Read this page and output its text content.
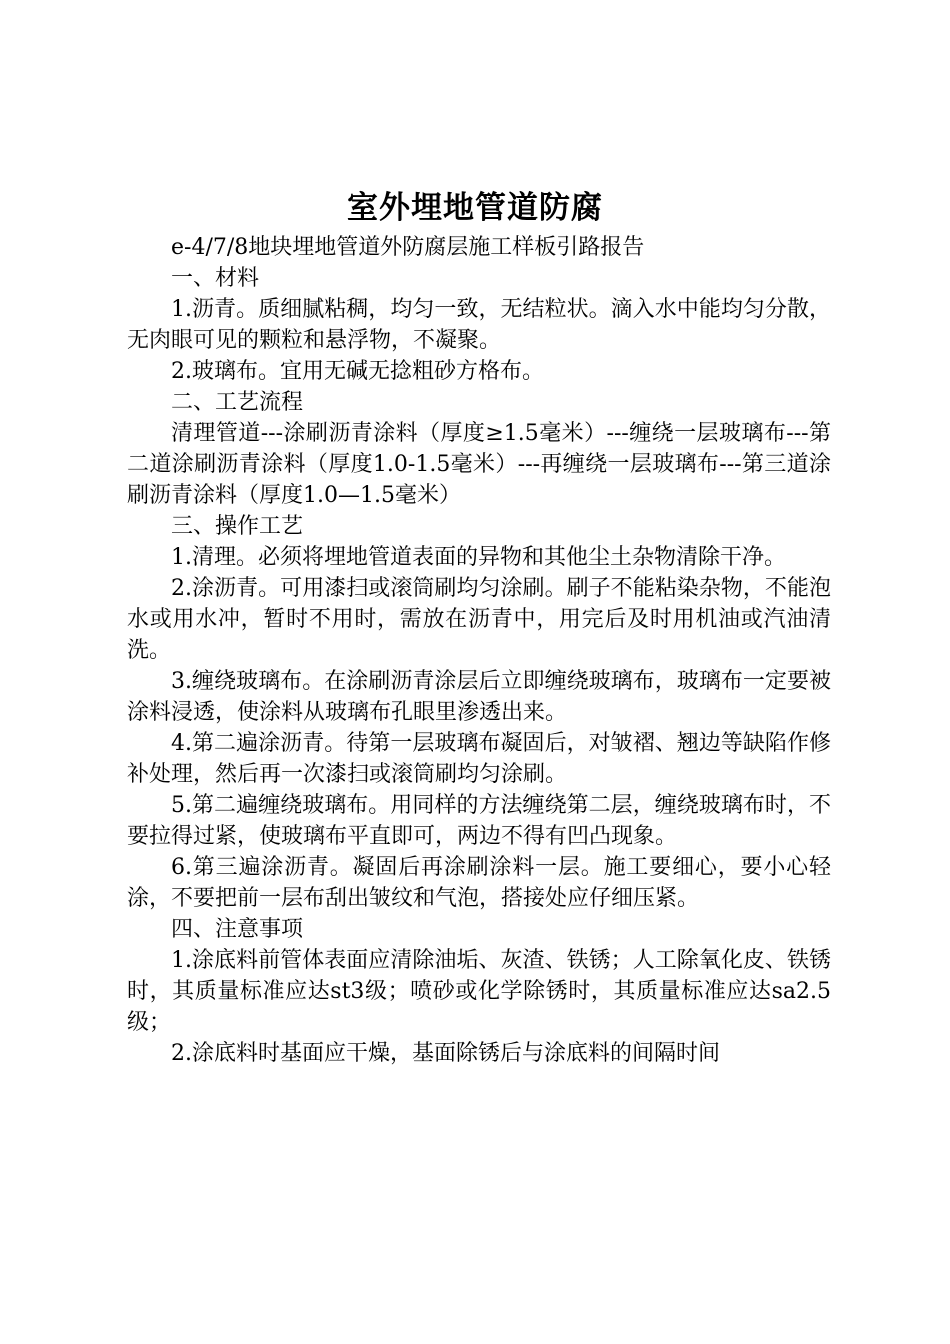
室外埋地管道防腐

e-4/7/8地块埋地管道外防腐层施工样板引路报告

一、材料

1.沥青。质细腻粘稠，均匀一致，无结粒状。滴入水中能均匀分散，无肉眼可见的颗粒和悬浮物，不凝聚。

2.玻璃布。宜用无碱无捻粗砂方格布。

二、工艺流程

清理管道---涂刷沥青涂料（厚度≥1.5毫米）---缠绕一层玻璃布---第二道涂刷沥青涂料（厚度1.0-1.5毫米）---再缠绕一层玻璃布---第三道涂刷沥青涂料（厚度1.0—1.5毫米）

三、操作工艺

1.清理。必须将埋地管道表面的异物和其他尘土杂物清除干净。

2.涂沥青。可用漆扫或滚筒刷均匀涂刷。刷子不能粘染杂物，不能泡水或用水冲，暂时不用时，需放在沥青中，用完后及时用机油或汽油清洗。

3.缠绕玻璃布。在涂刷沥青涂层后立即缠绕玻璃布，玻璃布一定要被涂料浸透，使涂料从玻璃布孔眼里渗透出来。

4.第二遍涂沥青。待第一层玻璃布凝固后，对皱褶、翘边等缺陷作修补处理，然后再一次漆扫或滚筒刷均匀涂刷。

5.第二遍缠绕玻璃布。用同样的方法缠绕第二层，缠绕玻璃布时，不要拉得过紧，使玻璃布平直即可，两边不得有凹凸现象。

6.第三遍涂沥青。凝固后再涂刷涂料一层。施工要细心，要小心轻涂，不要把前一层布刮出皱纹和气泡，搭接处应仔细压紧。

四、注意事项

1.涂底料前管体表面应清除油垢、灰渣、铁锈；人工除氧化皮、铁锈时，其质量标准应达st3级；喷砂或化学除锈时，其质量标准应达sa2.5级；

2.涂底料时基面应干燥，基面除锈后与涂底料的间隔时间
